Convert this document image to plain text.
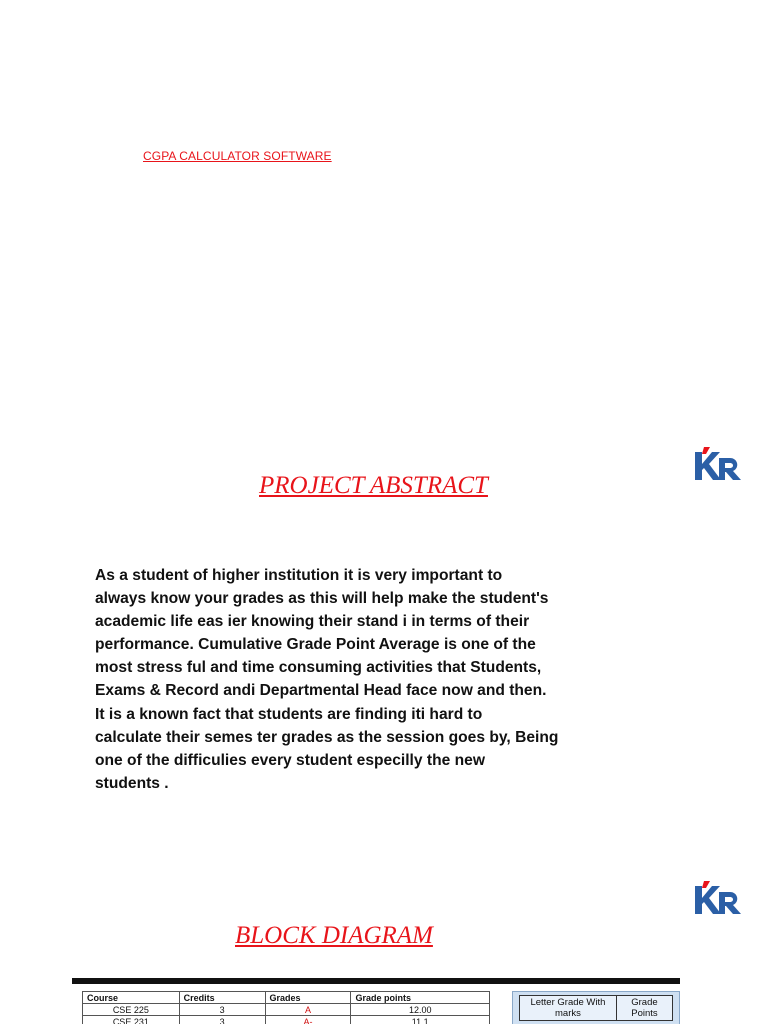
CGPA CALCULATOR SOFTWARE
PROJECT ABSTRACT
As a student of higher institution it is very important to
always know your grades as this will help make the student's
academic life eas ier knowing their stand i in terms of their
performance. Cumulative Grade Point Average is one of the
most stress ful and time consuming activities that Students,
Exams & Record andi Departmental Head face now and then.
It is a known fact that students are finding iti hard to
calculate their semes ter grades as the session goes by, Being
one of the difficulies every student especilly the new
students .
BLOCK DIAGRAM
Course	Credits	Grades	Grade points
CSE 225	3	A	12.00
CSE 231	3	A-	11.1
Letter Grade With marks	Grade Points
